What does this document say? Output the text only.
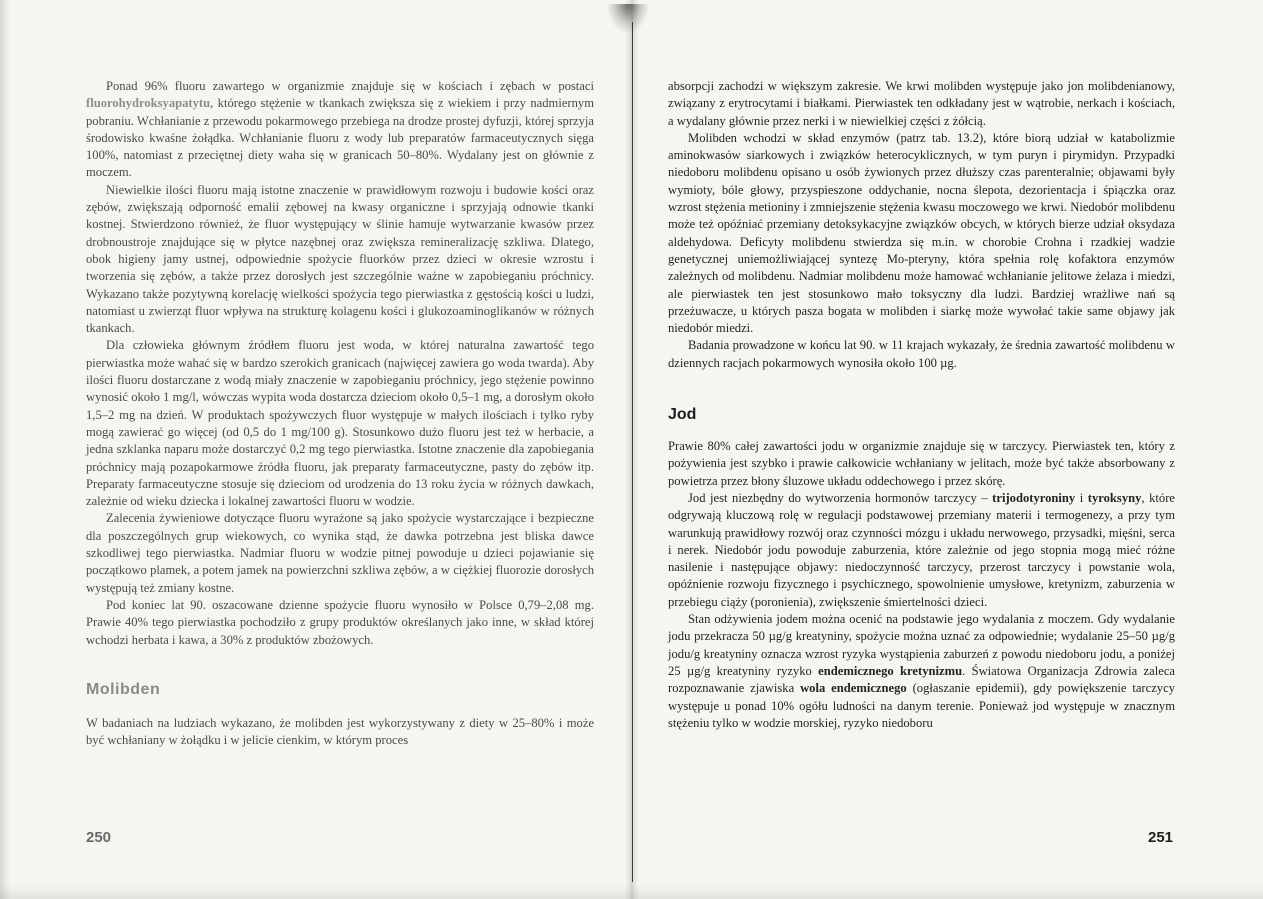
Ponad 96% fluoru zawartego w organizmie znajduje się w kościach i zębach w postaci fluorohydroksyapatytu, którego stężenie w tkankach zwiększa się z wiekiem i przy nadmiernym pobraniu. Wchłanianie z przewodu pokarmowego przebiega na drodze prostej dyfuzji, której sprzyja środowisko kwaśne żołądka. Wchłanianie fluoru z wody lub preparatów farmaceutycznych sięga 100%, natomiast z przeciętnej diety waha się w granicach 50–80%. Wydalany jest on głównie z moczem.

Niewielkie ilości fluoru mają istotne znaczenie w prawidłowym rozwoju i budowie kości oraz zębów, zwiększają odporność emalii zębowej na kwasy organiczne i sprzyjają odnowie tkanki kostnej. Stwierdzono również, że fluor występujący w ślinie hamuje wytwarzanie kwasów przez drobnoustroje znajdujące się w płytce nazębnej oraz zwiększa remineralizację szkliwa. Dlatego, obok higieny jamy ustnej, odpowiednie spożycie fluorków przez dzieci w okresie wzrostu i tworzenia się zębów, a także przez dorosłych jest szczególnie ważne w zapobieganiu próchnicy. Wykazano także pozytywną korelację wielkości spożycia tego pierwiastka z gęstością kości u ludzi, natomiast u zwierząt fluor wpływa na strukturę kolagenu kości i glukozoaminoglikanów w różnych tkankach.

Dla człowieka głównym źródłem fluoru jest woda, w której naturalna zawartość tego pierwiastka może wahać się w bardzo szerokich granicach (najwięcej zawiera go woda twarda). Aby ilości fluoru dostarczane z wodą miały znaczenie w zapobieganiu próchnicy, jego stężenie powinno wynosić około 1 mg/l, wówczas wypita woda dostarcza dzieciom około 0,5–1 mg, a dorosłym około 1,5–2 mg na dzień. W produktach spożywczych fluor występuje w małych ilościach i tylko ryby mogą zawierać go więcej (od 0,5 do 1 mg/100 g). Stosunkowo dużo fluoru jest też w herbacie, a jedna szklanka naparu może dostarczyć 0,2 mg tego pierwiastka. Istotne znaczenie dla zapobiegania próchnicy mają pozapokarmowe źródła fluoru, jak preparaty farmaceutyczne, pasty do zębów itp. Preparaty farmaceutyczne stosuje się dzieciom od urodzenia do 13 roku życia w różnych dawkach, zależnie od wieku dziecka i lokalnej zawartości fluoru w wodzie.

Zalecenia żywieniowe dotyczące fluoru wyrażone są jako spożycie wystarczające i bezpieczne dla poszczególnych grup wiekowych, co wynika stąd, że dawka potrzebna jest bliska dawce szkodliwej tego pierwiastka. Nadmiar fluoru w wodzie pitnej powoduje u dzieci pojawianie się początkowo plamek, a potem jamek na powierzchni szkliwa zębów, a w ciężkiej fluorozie dorosłych występują też zmiany kostne.

Pod koniec lat 90. oszacowane dzienne spożycie fluoru wynosiło w Polsce 0,79–2,08 mg. Prawie 40% tego pierwiastka pochodziło z grupy produktów określanych jako inne, w skład której wchodzi herbata i kawa, a 30% z produktów zbożowych.

Molibden

W badaniach na ludziach wykazano, że molibden jest wykorzystywany z diety w 25–80% i może być wchłaniany w żołądku i w jelicie cienkim, w którym proces

250

absorpcji zachodzi w większym zakresie. We krwi molibden występuje jako jon molibdenianowy, związany z erytrocytami i białkami. Pierwiastek ten odkładany jest w wątrobie, nerkach i kościach, a wydalany głównie przez nerki i w niewielkiej części z żółcią.

Molibden wchodzi w skład enzymów (patrz tab. 13.2), które biorą udział w katabolizmie aminokwasów siarkowych i związków heterocyklicznych, w tym puryn i pirymidyn. Przypadki niedoboru molibdenu opisano u osób żywionych przez dłuższy czas parenteralnie; objawami były wymioty, bóle głowy, przyspieszone oddychanie, nocna ślepota, dezorientacja i śpiączka oraz wzrost stężenia metioniny i zmniejszenie stężenia kwasu moczowego we krwi. Niedobór molibdenu może też opóźniać przemiany detoksykacyjne związków obcych, w których bierze udział oksydaza aldehydowa. Deficyty molibdenu stwierdza się m.in. w chorobie Crohna i rzadkiej wadzie genetycznej uniemożliwiającej syntezę Mo-pteryny, która spełnia rolę kofaktora enzymów zależnych od molibdenu. Nadmiar molibdenu może hamować wchłanianie jelitowe żelaza i miedzi, ale pierwiastek ten jest stosunkowo mało toksyczny dla ludzi. Bardziej wrażliwe nań są przeżuwacze, u których pasza bogata w molibden i siarkę może wywołać takie same objawy jak niedobór miedzi.

Badania prowadzone w końcu lat 90. w 11 krajach wykazały, że średnia zawartość molibdenu w dziennych racjach pokarmowych wynosiła około 100 µg.

Jod

Prawie 80% całej zawartości jodu w organizmie znajduje się w tarczycy. Pierwiastek ten, który z pożywienia jest szybko i prawie całkowicie wchłaniany w jelitach, może być także absorbowany z powietrza przez błony śluzowe układu oddechowego i przez skórę.

Jod jest niezbędny do wytworzenia hormonów tarczycy – trijodotyroniny i tyroksyny, które odgrywają kluczową rolę w regulacji podstawowej przemiany materii i termogenezy, a przy tym warunkują prawidłowy rozwój oraz czynności mózgu i układu nerwowego, przysadki, mięśni, serca i nerek. Niedobór jodu powoduje zaburzenia, które zależnie od jego stopnia mogą mieć różne nasilenie i następujące objawy: niedoczynność tarczycy, przerost tarczycy i powstanie wola, opóźnienie rozwoju fizycznego i psychicznego, spowolnienie umysłowe, kretynizm, zaburzenia w przebiegu ciąży (poronienia), zwiększenie śmiertelności dzieci.

Stan odżywienia jodem można ocenić na podstawie jego wydalania z moczem. Gdy wydalanie jodu przekracza 50 µg/g kreatyniny, spożycie można uznać za odpowiednie; wydalanie 25–50 µg/g jodu/g kreatyniny oznacza wzrost ryzyka wystąpienia zaburzeń z powodu niedoboru jodu, a poniżej 25 µg/g kreatyniny ryzyko endemicznego kretynizmu. Światowa Organizacja Zdrowia zaleca rozpoznawanie zjawiska wola endemicznego (ogłaszanie epidemii), gdy powiększenie tarczycy występuje u ponad 10% ogółu ludności na danym terenie. Ponieważ jod występuje w znacznym stężeniu tylko w wodzie morskiej, ryzyko niedoboru

251
